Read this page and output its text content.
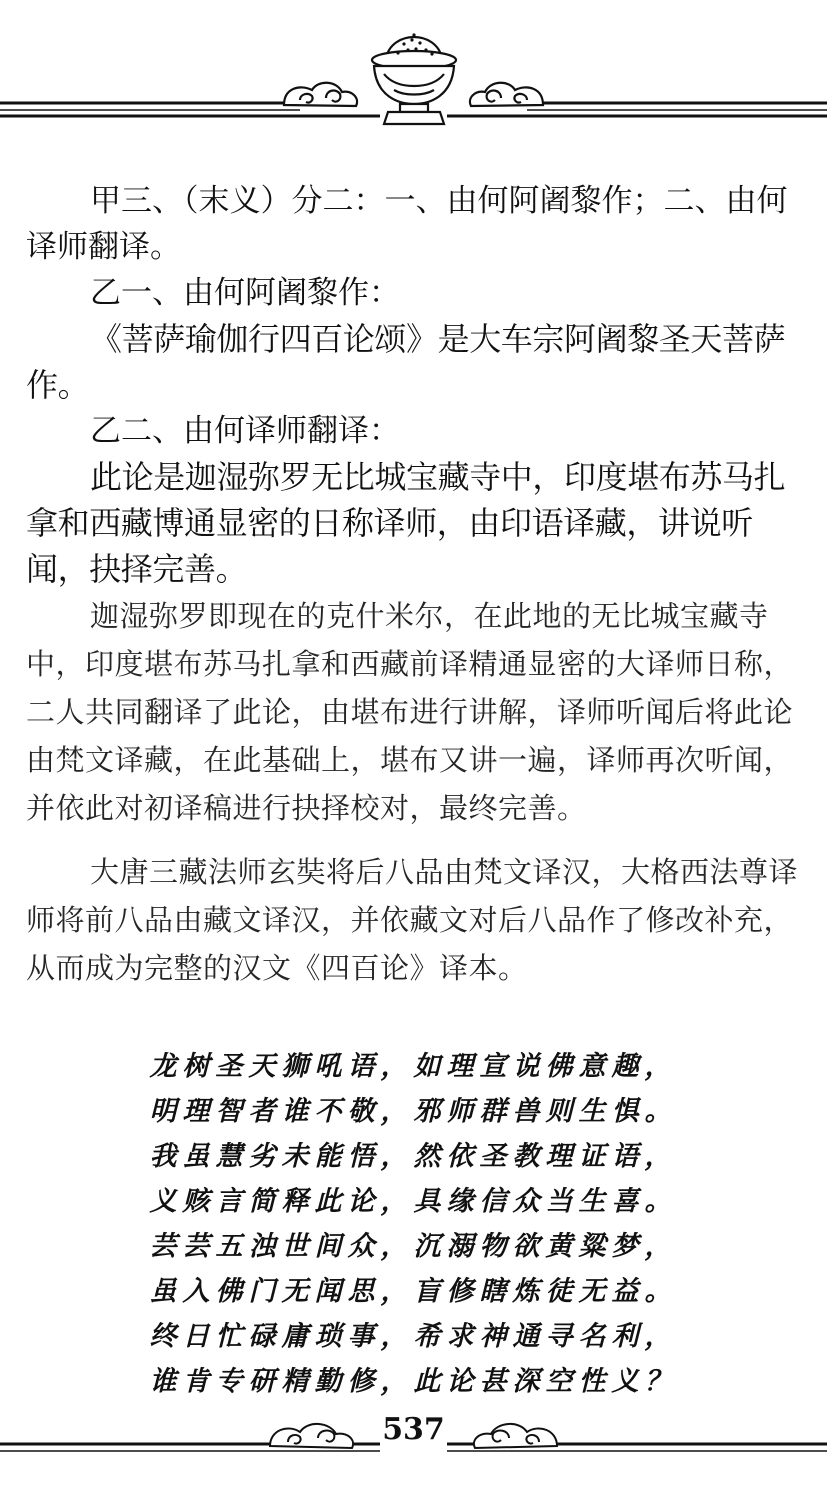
甲三、（末义）分二：一、由何阿阇黎作；二、由何译师翻译。

乙一、由何阿阇黎作：

《菩萨瑜伽行四百论颂》是大车宗阿阇黎圣天菩萨作。

乙二、由何译师翻译：

此论是迦湿弥罗无比城宝藏寺中，印度堪布苏马扎拿和西藏博通显密的日称译师，由印语译藏，讲说听闻，抉择完善。

迦湿弥罗即现在的克什米尔，在此地的无比城宝藏寺中，印度堪布苏马扎拿和西藏前译精通显密的大译师日称，二人共同翻译了此论，由堪布进行讲解，译师听闻后将此论由梵文译藏，在此基础上，堪布又讲一遍，译师再次听闻，并依此对初译稿进行抉择校对，最终完善。

大唐三藏法师玄奘将后八品由梵文译汉，大格西法尊译师将前八品由藏文译汉，并依藏文对后八品作了修改补充，从而成为完整的汉文《四百论》译本。

龙树圣天狮吼语，如理宣说佛意趣，

明理智者谁不敬，邪师群兽则生惧。

我虽慧劣未能悟，然依圣教理证语，

义赅言简释此论，具缘信众当生喜。

芸芸五浊世间众，沉溺物欲黄粱梦，

虽入佛门无闻思，盲修瞎炼徒无益。

终日忙碌庸琐事，希求神通寻名利，

谁肯专研精勤修，此论甚深空性义？

537
